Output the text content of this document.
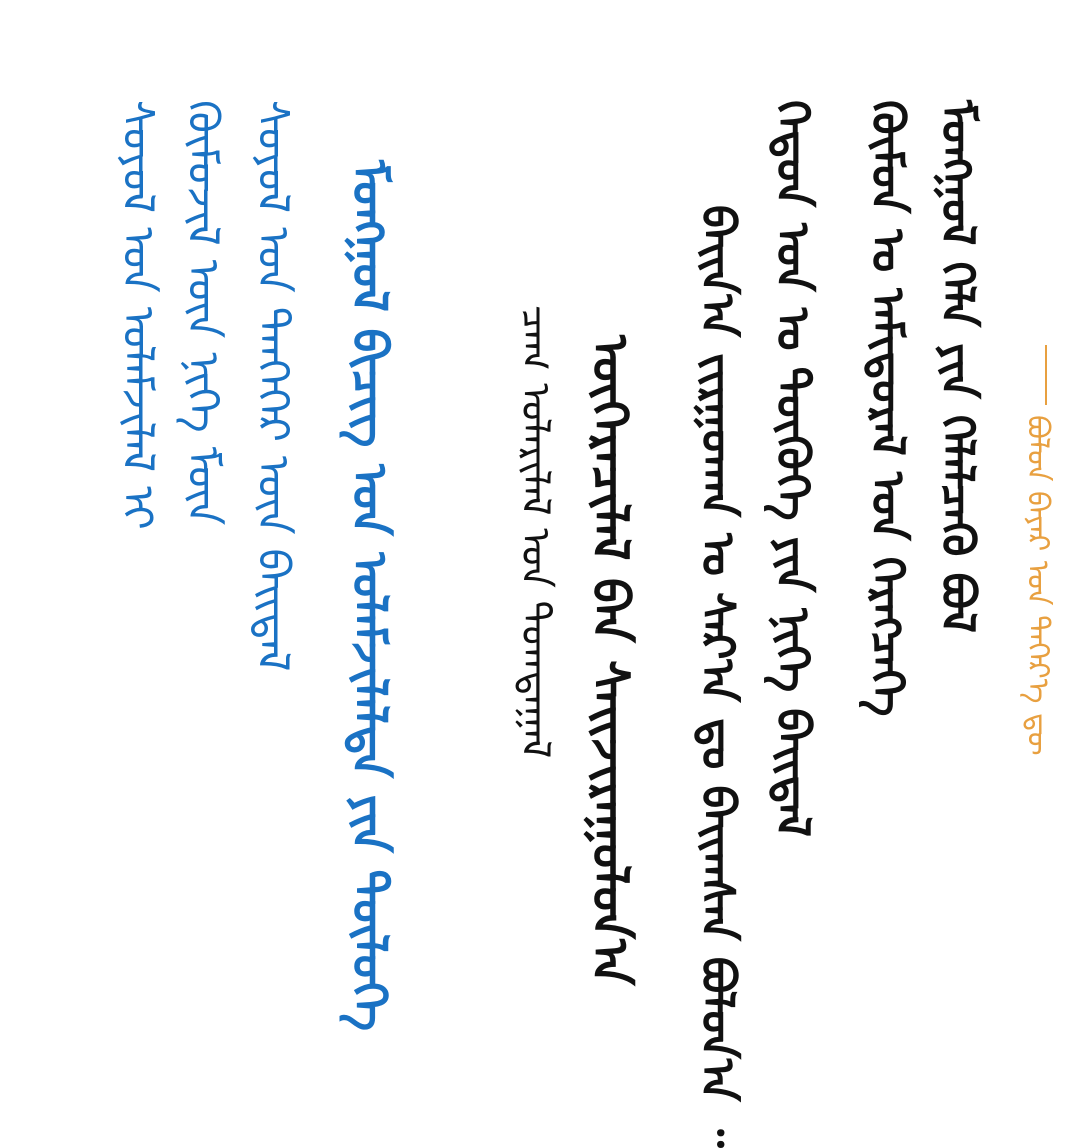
ᠪᠣᠯᠣᠨ ᠪᠠᠶᠠᠷ ᠤᠨ ᠳᠡᠭᠡᠷ᠎ᠡ ᠳᠦ
ᠮᠣᠩᠭᠣᠯ ᠬᠡᠯᠡ ᠶᠢᠨ ᠬᠡᠯᠡᠯᠴᠡᠬᠦ ᠪᠣᠯ
ᠬᠦᠮᠦᠨ ᠤ ᠠᠮᠢᠳᠤᠷᠠᠯ ᠤᠨ ᠬᠡᠷᠡᠭᠴᠡᠭᠡ
ᠬᠡᠳᠦᠨ ᠣᠨ ᠤ ᠲᠦᠭᠦᠬᠡ ᠶᠢᠨ ᠨᠢᠭᠡ ᠪᠠᠢᠳᠠᠯ
ᠪᠠᠢᠨ᠎ᠠ ᠵᠢᠷᠭᠣᠬᠠᠨ ᠤ ᠰᠠᠷ᠎ᠠ ᠳᠤ ᠪᠠᠢᠭᠰᠠᠨ ᠪᠣᠯᠤᠨ᠎ᠠ ᠃
ᠦᠭᠡᠷᠡᠴᠢᠯᠡᠯ ᠪᠡᠨ ᠰᠠᠢᠵᠢᠷᠠᠭᠤᠯᠤᠨ᠎ᠠ
ᠴᠠᠭ ᠤᠯᠠᠷᠢᠯᠠᠯ ᠤᠨ ᠲᠣᠭᠲᠠᠭᠠᠯ
ᠮᠣᠩᠭᠣᠯ ᠪᠢᠴᠢᠭ ᠤᠨ ᠤᠯᠠᠮᠵᠢᠯᠠᠯᠲᠠ ᠶᠢᠨ ᠲᠦᠯᠦᠭᠡ
ᠰᠣᠶᠣᠯ ᠤᠨ ᠲᠡᠨᠭᠡᠭᠡᠷ ᠦᠨ ᠪᠠᠢᠳᠠᠯ
ᠬᠦᠮᠦᠵᠢᠯ ᠦᠨ ᠨᠢᠭᠡ ᠮᠥᠨ
ᠰᠣᠶᠣᠯ ᠤᠨ ᠤᠯᠠᠮᠵᠢᠯᠠᠯ ᠢ
